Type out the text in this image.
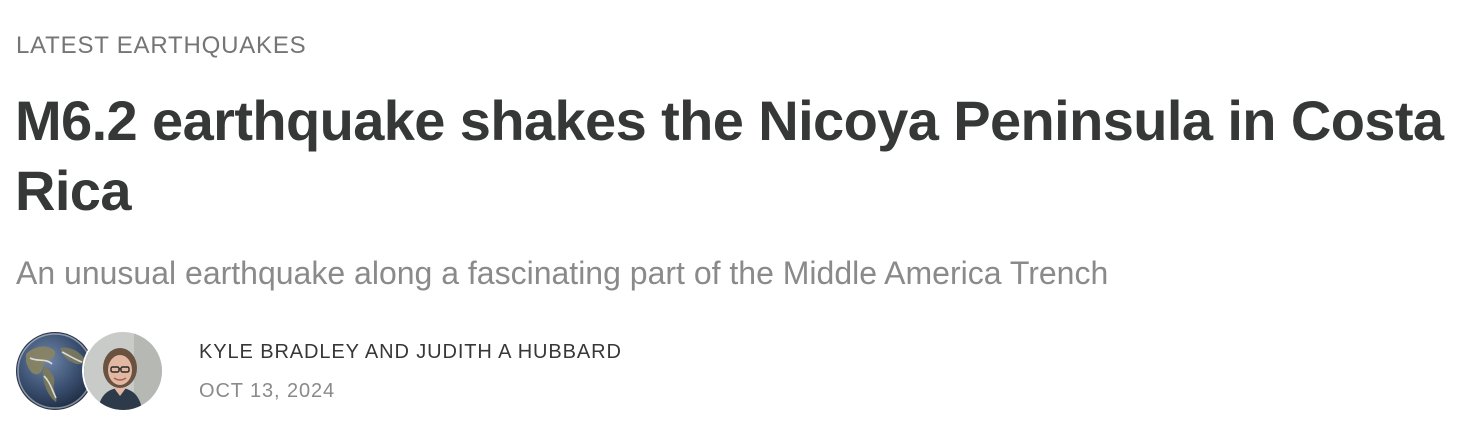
LATEST EARTHQUAKES
M6.2 earthquake shakes the Nicoya Peninsula in Costa Rica
An unusual earthquake along a fascinating part of the Middle America Trench
KYLE BRADLEY AND JUDITH A HUBBARD
OCT 13, 2024
